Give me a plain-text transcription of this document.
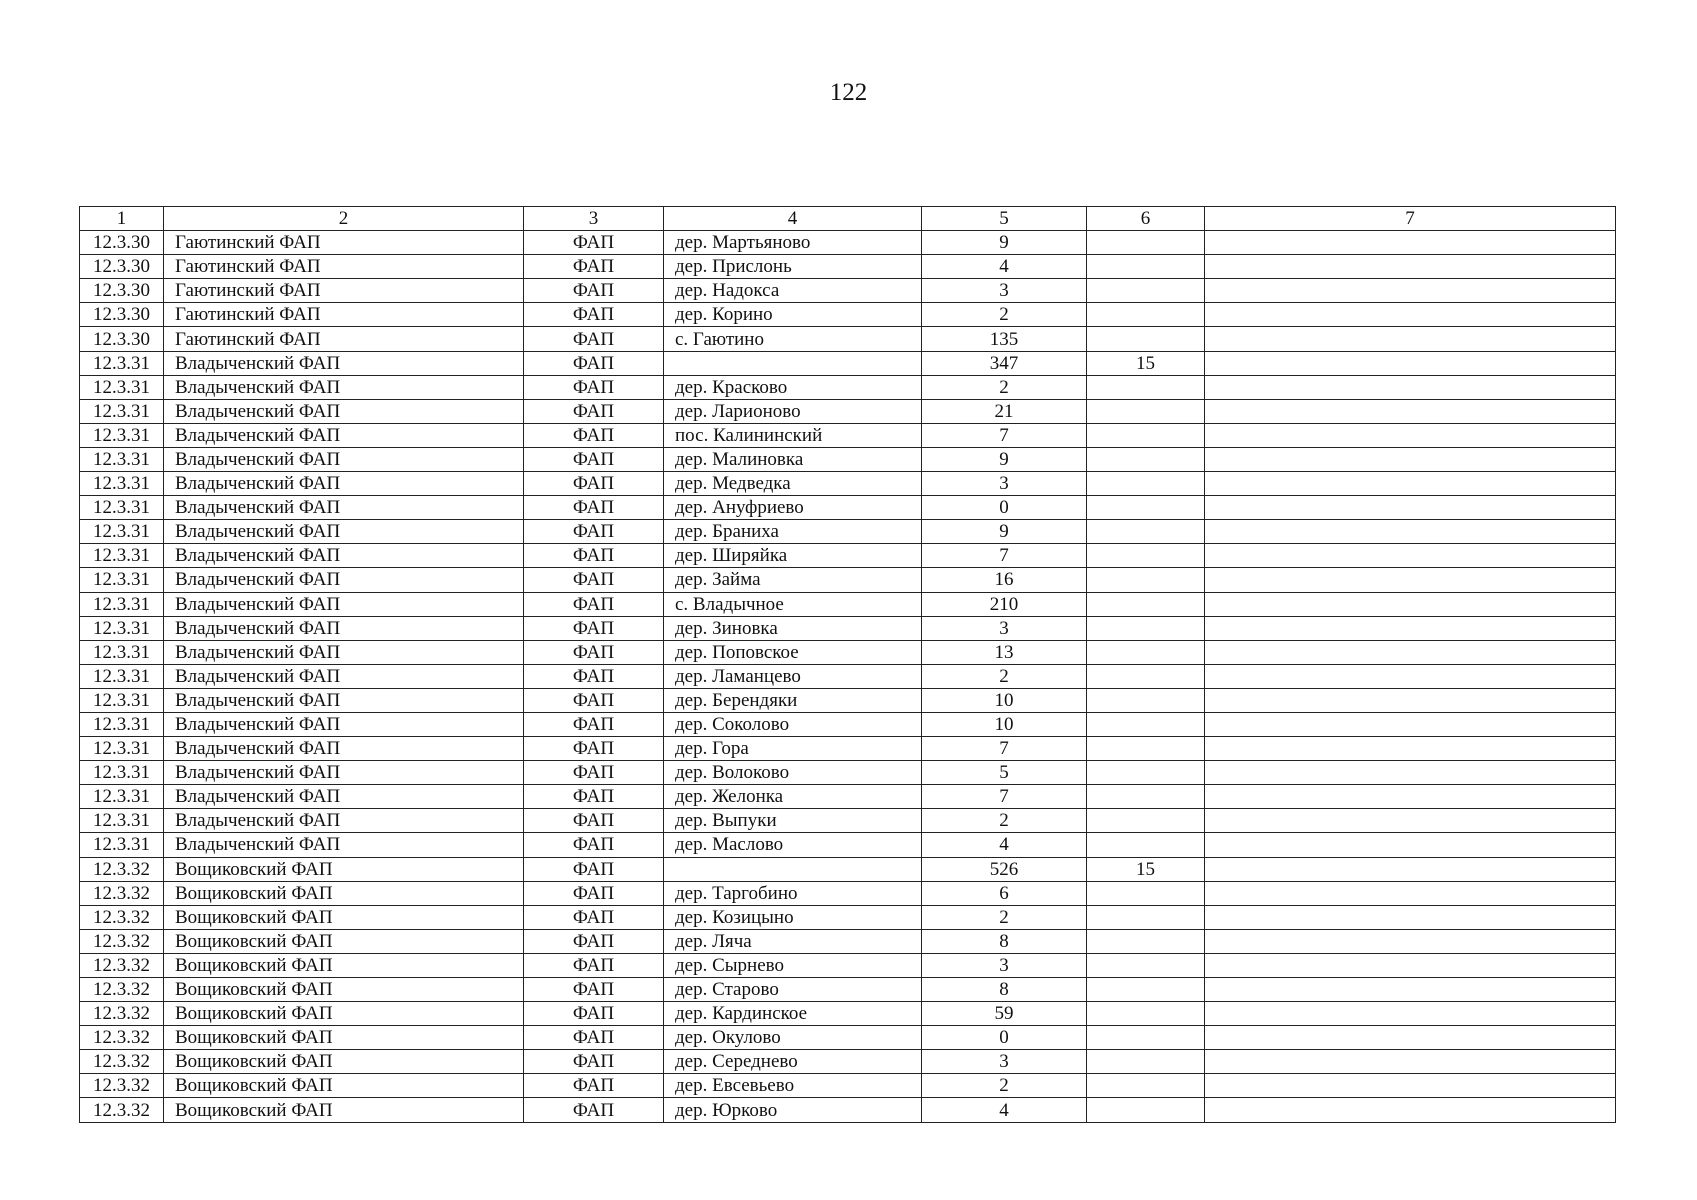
122
1	2	3	4	5	6	7
12.3.30	Гаютинский ФАП	ФАП	дер. Мартьяново	9		
12.3.30	Гаютинский ФАП	ФАП	дер. Прислонь	4		
12.3.30	Гаютинский ФАП	ФАП	дер. Надокса	3		
12.3.30	Гаютинский ФАП	ФАП	дер. Корино	2		
12.3.30	Гаютинский ФАП	ФАП	с. Гаютино	135		
12.3.31	Владыченский ФАП	ФАП		347	15	
12.3.31	Владыченский ФАП	ФАП	дер. Красково	2		
12.3.31	Владыченский ФАП	ФАП	дер. Ларионово	21		
12.3.31	Владыченский ФАП	ФАП	пос. Калининский	7		
12.3.31	Владыченский ФАП	ФАП	дер. Малиновка	9		
12.3.31	Владыченский ФАП	ФАП	дер. Медведка	3		
12.3.31	Владыченский ФАП	ФАП	дер. Ануфриево	0		
12.3.31	Владыченский ФАП	ФАП	дер. Браниха	9		
12.3.31	Владыченский ФАП	ФАП	дер. Ширяйка	7		
12.3.31	Владыченский ФАП	ФАП	дер. Займа	16		
12.3.31	Владыченский ФАП	ФАП	с. Владычное	210		
12.3.31	Владыченский ФАП	ФАП	дер. Зиновка	3		
12.3.31	Владыченский ФАП	ФАП	дер. Поповское	13		
12.3.31	Владыченский ФАП	ФАП	дер. Ламанцево	2		
12.3.31	Владыченский ФАП	ФАП	дер. Берендяки	10		
12.3.31	Владыченский ФАП	ФАП	дер. Соколово	10		
12.3.31	Владыченский ФАП	ФАП	дер. Гора	7		
12.3.31	Владыченский ФАП	ФАП	дер. Волоково	5		
12.3.31	Владыченский ФАП	ФАП	дер. Желонка	7		
12.3.31	Владыченский ФАП	ФАП	дер. Выпуки	2		
12.3.31	Владыченский ФАП	ФАП	дер. Маслово	4		
12.3.32	Вощиковский ФАП	ФАП		526	15	
12.3.32	Вощиковский ФАП	ФАП	дер. Таргобино	6		
12.3.32	Вощиковский ФАП	ФАП	дер. Козицыно	2		
12.3.32	Вощиковский ФАП	ФАП	дер. Ляча	8		
12.3.32	Вощиковский ФАП	ФАП	дер. Сырнево	3		
12.3.32	Вощиковский ФАП	ФАП	дер. Старово	8		
12.3.32	Вощиковский ФАП	ФАП	дер. Кардинское	59		
12.3.32	Вощиковский ФАП	ФАП	дер. Окулово	0		
12.3.32	Вощиковский ФАП	ФАП	дер. Середнево	3		
12.3.32	Вощиковский ФАП	ФАП	дер. Евсевьево	2		
12.3.32	Вощиковский ФАП	ФАП	дер. Юрково	4		
